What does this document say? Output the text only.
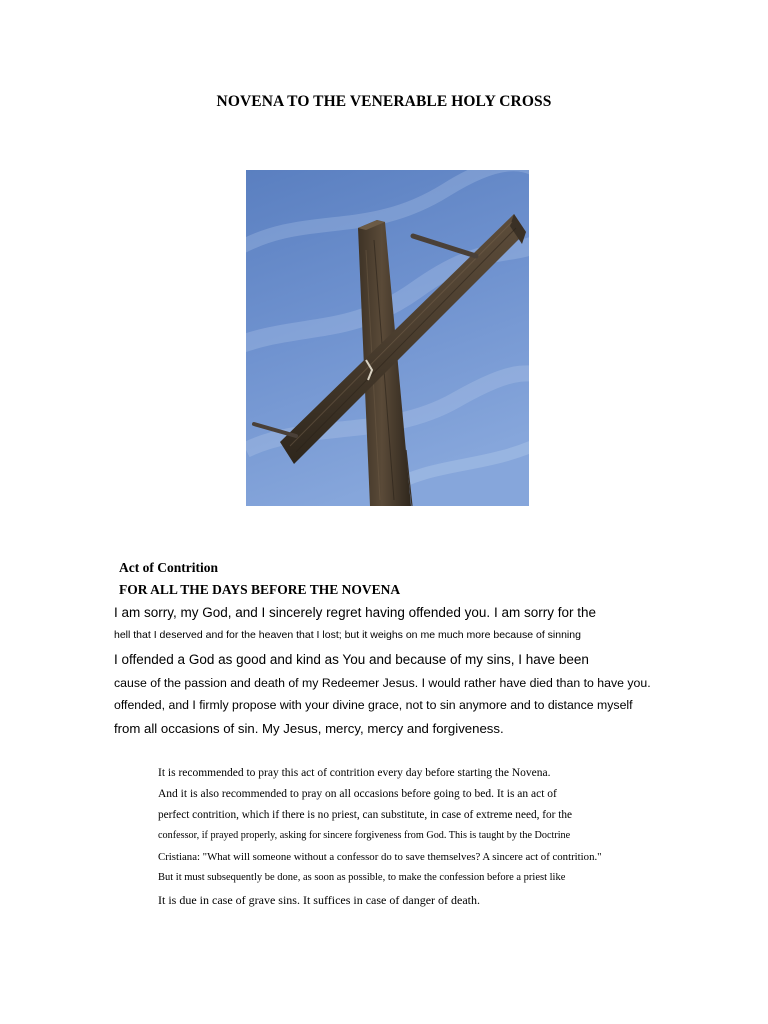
NOVENA TO THE VENERABLE HOLY CROSS
Act of Contrition
FOR ALL THE DAYS BEFORE THE NOVENA
I am sorry, my God, and I sincerely regret having offended you. I am sorry for the
hell that I deserved and for the heaven that I lost; but it weighs on me much more because of sinning
I offended a God as good and kind as You and because of my sins, I have been
cause of the passion and death of my Redeemer Jesus. I would rather have died than to have you.
offended, and I firmly propose with your divine grace, not to sin anymore and to distance myself
from all occasions of sin. My Jesus, mercy, mercy and forgiveness.
It is recommended to pray this act of contrition every day before starting the Novena.
And it is also recommended to pray on all occasions before going to bed. It is an act of
perfect contrition, which if there is no priest, can substitute, in case of extreme need, for the
confessor, if prayed properly, asking for sincere forgiveness from God. This is taught by the Doctrine
Cristiana: "What will someone without a confessor do to save themselves? A sincere act of contrition."
But it must subsequently be done, as soon as possible, to make the confession before a priest like
It is due in case of grave sins. It suffices in case of danger of death.
